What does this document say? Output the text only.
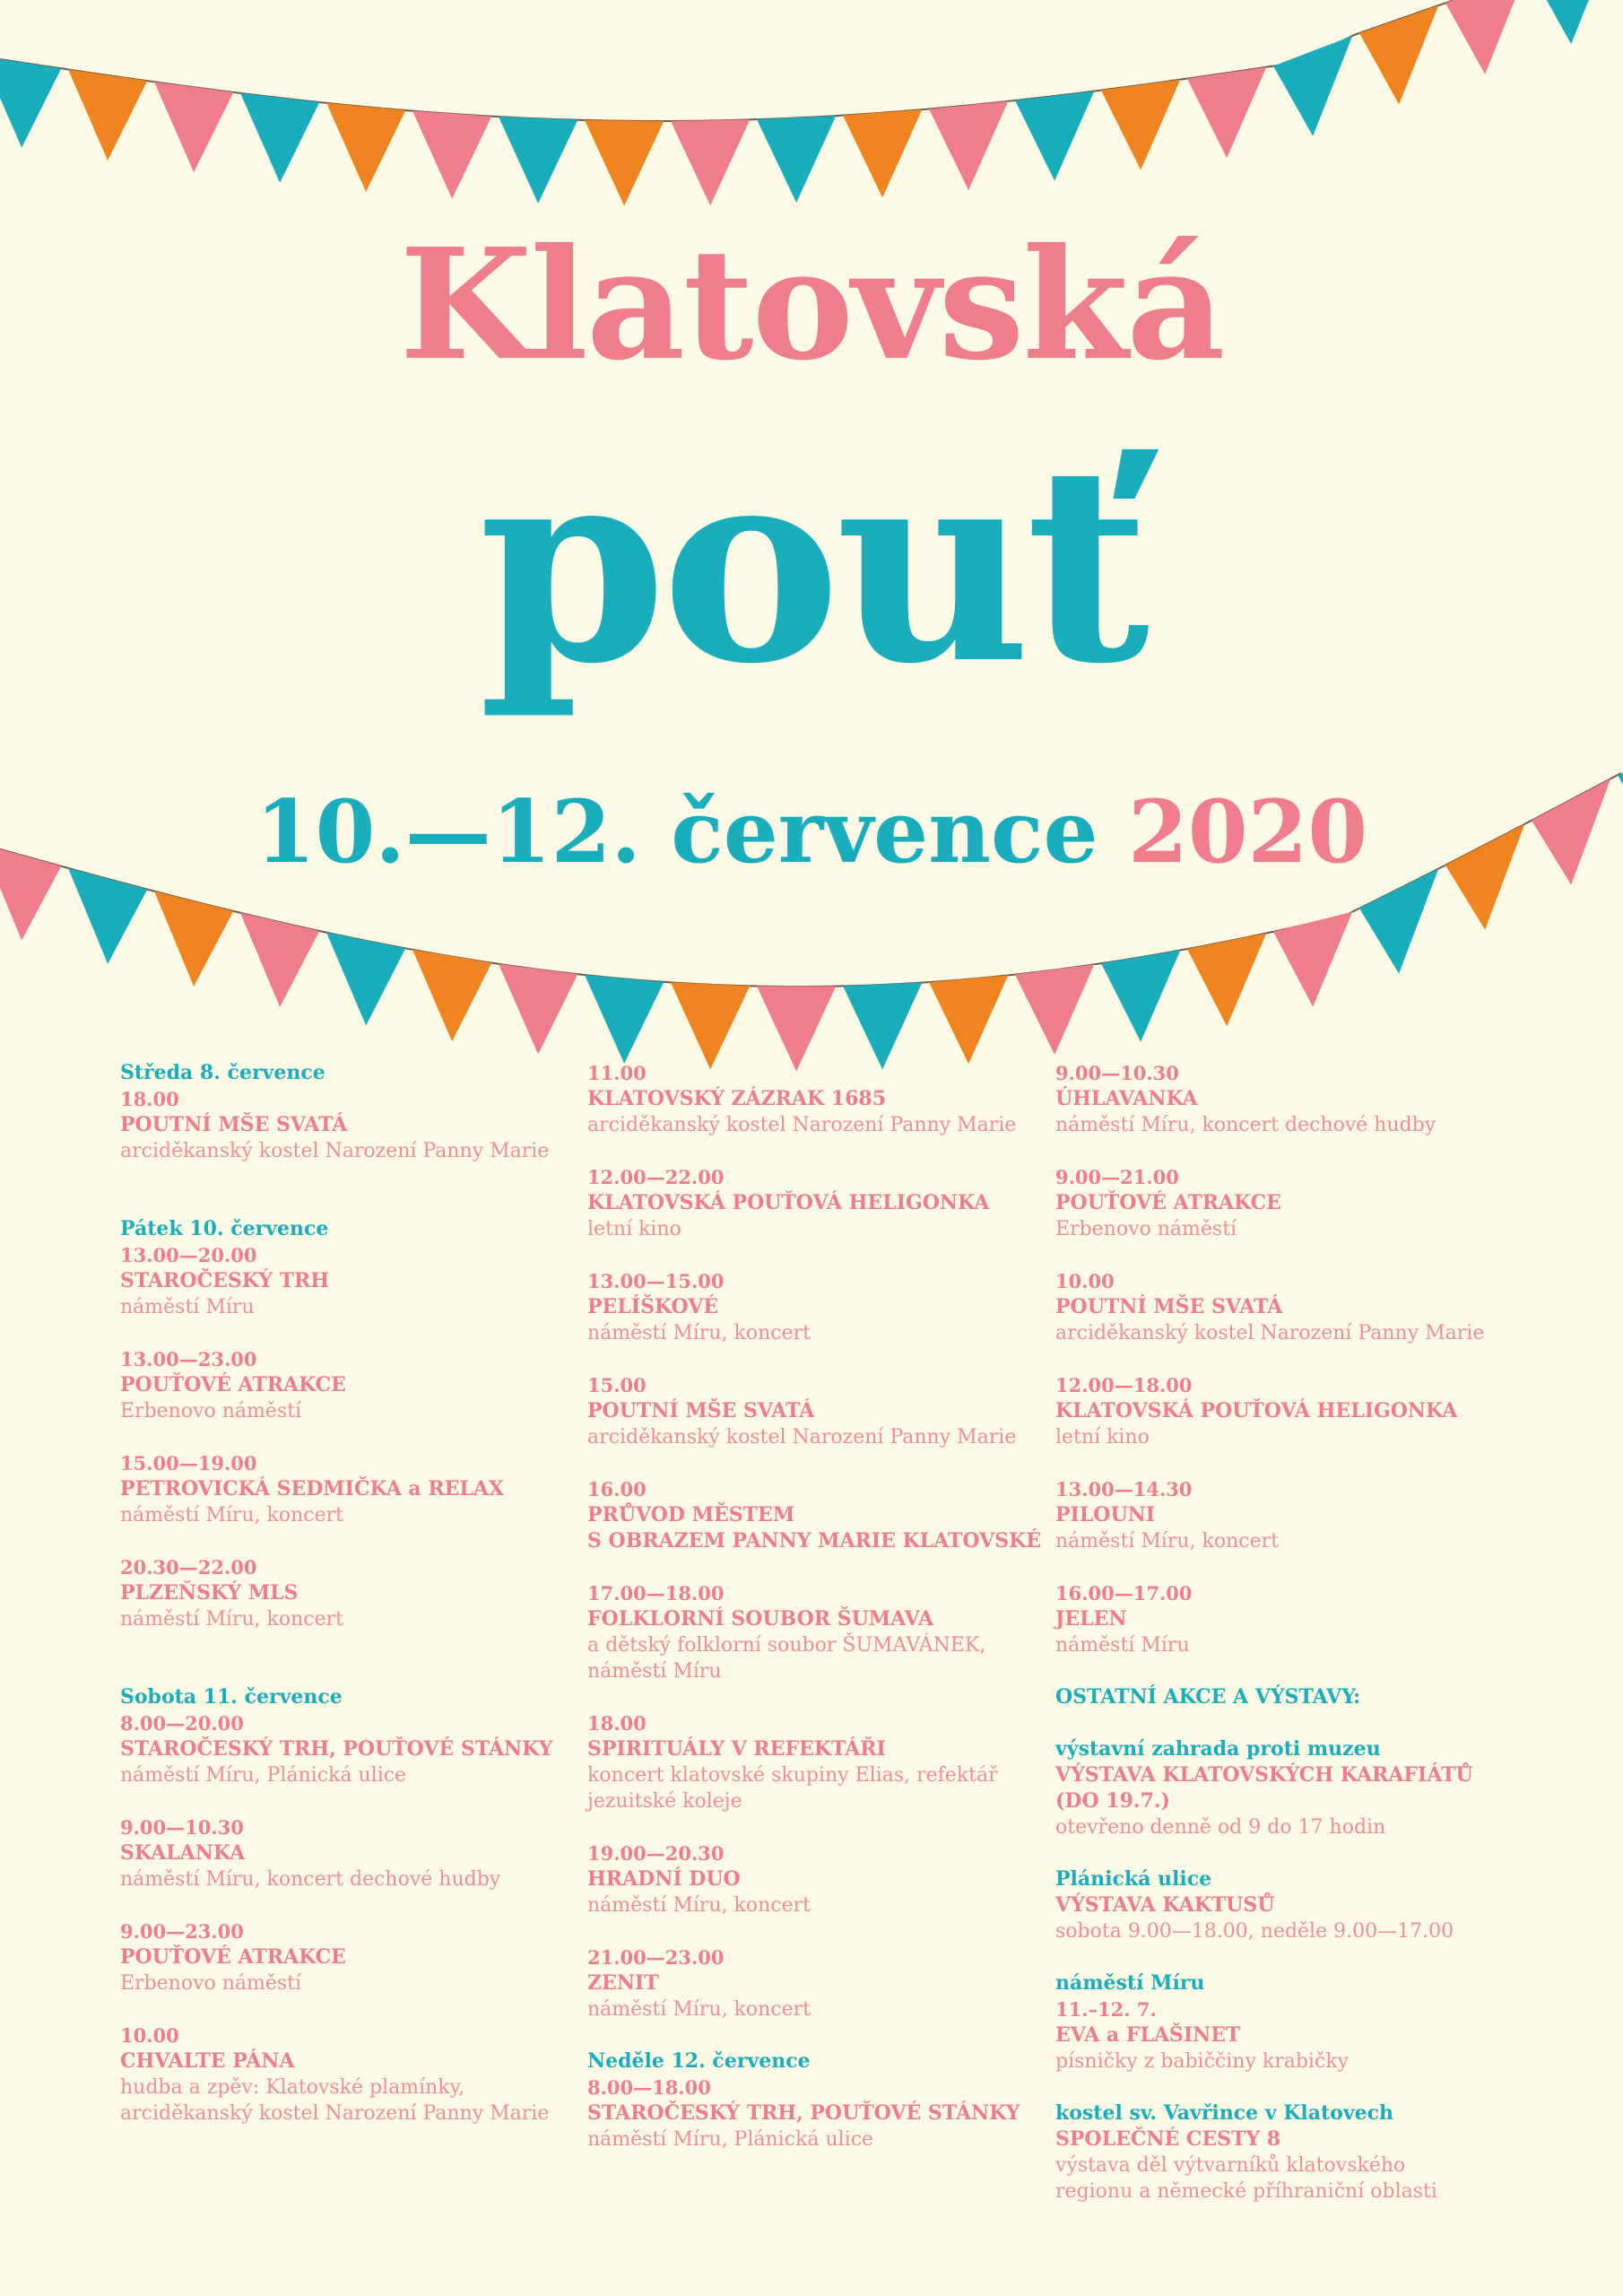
Klatovská
pouť
10.—12. července 2020
Středa 8. července
18.00
POUTNÍ MŠE SVATÁ
arciděkanský kostel Narození Panny Marie
Pátek 10. července
13.00—20.00
STAROČESKÝ TRH
náměstí Míru
13.00—23.00
POUŤOVÉ ATRAKCE
Erbenovo náměstí
15.00—19.00
PETROVICKÁ SEDMIČKA a RELAX
náměstí Míru, koncert
20.30—22.00
PLZEŇSKÝ MLS
náměstí Míru, koncert
Sobota 11. července
8.00—20.00
STAROČESKÝ TRH, POUŤOVÉ STÁNKY
náměstí Míru, Plánická ulice
9.00—10.30
SKALANKA
náměstí Míru, koncert dechové hudby
9.00—23.00
POUŤOVÉ ATRAKCE
Erbenovo náměstí
10.00
CHVALTE PÁNA
hudba a zpěv: Klatovské plamínky,
arciděkanský kostel Narození Panny Marie
11.00
KLATOVSKÝ ZÁZRAK 1685
arciděkanský kostel Narození Panny Marie
12.00—22.00
KLATOVSKÁ POUŤOVÁ HELIGONKA
letní kino
13.00—15.00
PELÍŠKOVÉ
náměstí Míru, koncert
15.00
POUTNÍ MŠE SVATÁ
arciděkanský kostel Narození Panny Marie
16.00
PRŮVOD MĚSTEM
S OBRAZEM PANNY MARIE KLATOVSKÉ
17.00—18.00
FOLKLORNÍ SOUBOR ŠUMAVA
a dětský folklorní soubor ŠUMAVÁNEK,
náměstí Míru
18.00
SPIRITUÁLY V REFEKTÁŘI
koncert klatovské skupiny Elias, refektář
jezuitské koleje
19.00—20.30
HRADNÍ DUO
náměstí Míru, koncert
21.00—23.00
ZENIT
náměstí Míru, koncert
Neděle 12. července
8.00—18.00
STAROČESKÝ TRH, POUŤOVÉ STÁNKY
náměstí Míru, Plánická ulice
9.00—10.30
ÚHLAVANKA
náměstí Míru, koncert dechové hudby
9.00—21.00
POUŤOVÉ ATRAKCE
Erbenovo náměstí
10.00
POUTNÍ MŠE SVATÁ
arciděkanský kostel Narození Panny Marie
12.00—18.00
KLATOVSKÁ POUŤOVÁ HELIGONKA
letní kino
13.00—14.30
PILOUNI
náměstí Míru, koncert
16.00—17.00
JELEN
náměstí Míru
OSTATNÍ AKCE A VÝSTAVY:
výstavní zahrada proti muzeu
VÝSTAVA KLATOVSKÝCH KARAFIÁTŮ
(DO 19.7.)
otevřeno denně od 9 do 17 hodin
Plánická ulice
VÝSTAVA KAKTUSŮ
sobota 9.00—18.00, neděle 9.00—17.00
náměstí Míru
11.–12. 7.
EVA a FLAŠINET
písničky z babiččiny krabičky
kostel sv. Vavřince v Klatovech
SPOLEČNÉ CESTY 8
výstava děl výtvarníků klatovského
regionu a německé příhraniční oblasti
